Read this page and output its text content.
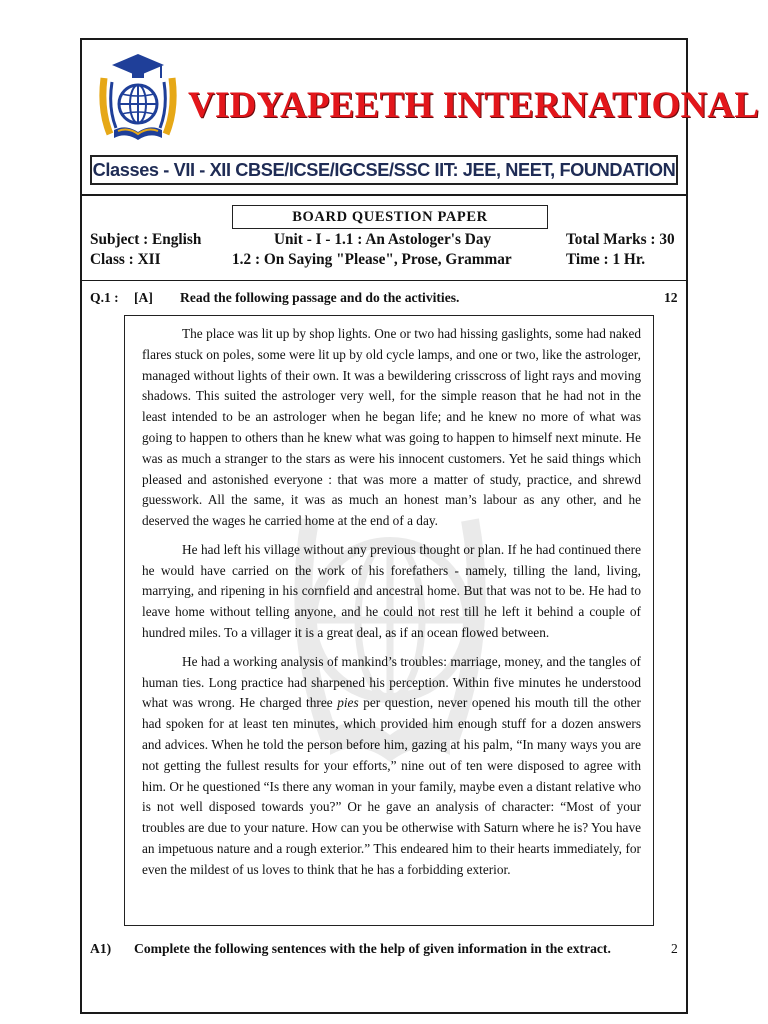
VIDYAPEETH INTERNATIONAL
Classes - VII - XII CBSE/ICSE/IGCSE/SSC IIT: JEE, NEET, FOUNDATION
BOARD QUESTION PAPER
Subject : English
Class : XII
Unit - I - 1.1 : An Astologer's Day
1.2 : On Saying "Please", Prose, Grammar
Total Marks : 30
Time : 1 Hr.
Q.1 : [A] Read the following passage and do the activities.	12

The place was lit up by shop lights. One or two had hissing gaslights, some had naked flares stuck on poles, some were lit up by old cycle lamps, and one or two, like the astrologer, managed without lights of their own. It was a bewildering crisscross of light rays and moving shadows. This suited the astrologer very well, for the simple reason that he had not in the least intended to be an astrologer when he began life; and he knew no more of what was going to happen to others than he knew what was going to happen to himself next minute. He was as much a stranger to the stars as were his innocent customers. Yet he said things which pleased and astonished everyone : that was more a matter of study, practice, and shrewd guesswork. All the same, it was as much an honest man’s labour as any other, and he deserved the wages he carried home at the end of a day.

He had left his village without any previous thought or plan. If he had continued there he would have carried on the work of his forefathers - namely, tilling the land, living, marrying, and ripening in his cornfield and ancestral home. But that was not to be. He had to leave home without telling anyone, and he could not rest till he left it behind a couple of hundred miles. To a villager it is a great deal, as if an ocean flowed between.

He had a working analysis of mankind’s troubles: marriage, money, and the tangles of human ties. Long practice had sharpened his perception. Within five minutes he understood what was wrong. He charged three pies per question, never opened his mouth till the other had spoken for at least ten minutes, which provided him enough stuff for a dozen answers and advices. When he told the person before him, gazing at his palm, “In many ways you are not getting the fullest results for your efforts,” nine out of ten were disposed to agree with him. Or he questioned “Is there any woman in your family, maybe even a distant relative who is not well disposed towards you?” Or he gave an analysis of character: “Most of your troubles are due to your nature. How can you be otherwise with Saturn where he is? You have an impetuous nature and a rough exterior.” This endeared him to their hearts immediately, for even the mildest of us loves to think that he has a forbidding exterior.

A1) Complete the following sentences with the help of given information in the extract.	2
